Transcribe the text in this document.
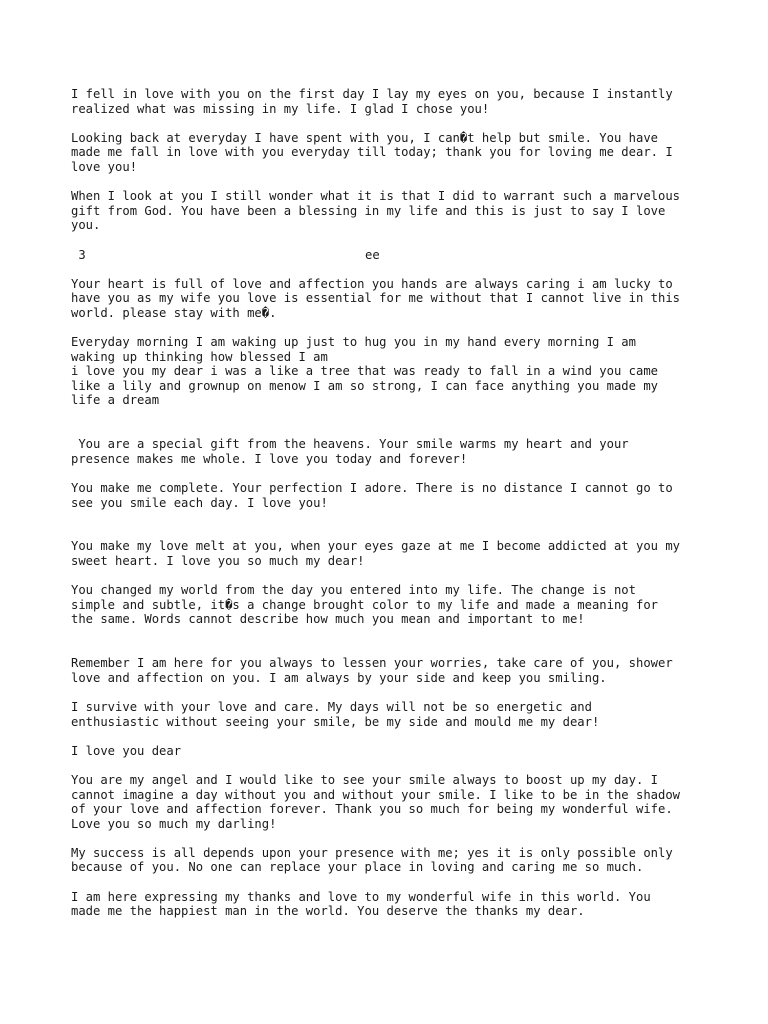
I fell in love with you on the first day I lay my eyes on you, because I instantly
realized what was missing in my life. I glad I chose you!

Looking back at everyday I have spent with you, I can�t help but smile. You have
made me fall in love with you everyday till today; thank you for loving me dear. I
love you!

When I look at you I still wonder what it is that I did to warrant such a marvelous
gift from God. You have been a blessing in my life and this is just to say I love
you.

3	ee

Your heart is full of love and affection you hands are always caring i am lucky to
have you as my wife you love is essential for me without that I cannot live in this
world. please stay with me�.

Everyday morning I am waking up just to hug you in my hand every morning I am
waking up thinking how blessed I am
i love you my dear i was a like a tree that was ready to fall in a wind you came
like a lily and grownup on menow I am so strong, I can face anything you made my
life a dream

You are a special gift from the heavens. Your smile warms my heart and your
presence makes me whole. I love you today and forever!

You make me complete. Your perfection I adore. There is no distance I cannot go to
see you smile each day. I love you!

You make my love melt at you, when your eyes gaze at me I become addicted at you my
sweet heart. I love you so much my dear!

You changed my world from the day you entered into my life. The change is not
simple and subtle, it�s a change brought color to my life and made a meaning for
the same. Words cannot describe how much you mean and important to me!

Remember I am here for you always to lessen your worries, take care of you, shower
love and affection on you. I am always by your side and keep you smiling.

I survive with your love and care. My days will not be so energetic and
enthusiastic without seeing your smile, be my side and mould me my dear!

I love you dear

You are my angel and I would like to see your smile always to boost up my day. I
cannot imagine a day without you and without your smile. I like to be in the shadow
of your love and affection forever. Thank you so much for being my wonderful wife.
Love you so much my darling!

My success is all depends upon your presence with me; yes it is only possible only
because of you. No one can replace your place in loving and caring me so much.

I am here expressing my thanks and love to my wonderful wife in this world. You
made me the happiest man in the world. You deserve the thanks my dear.
